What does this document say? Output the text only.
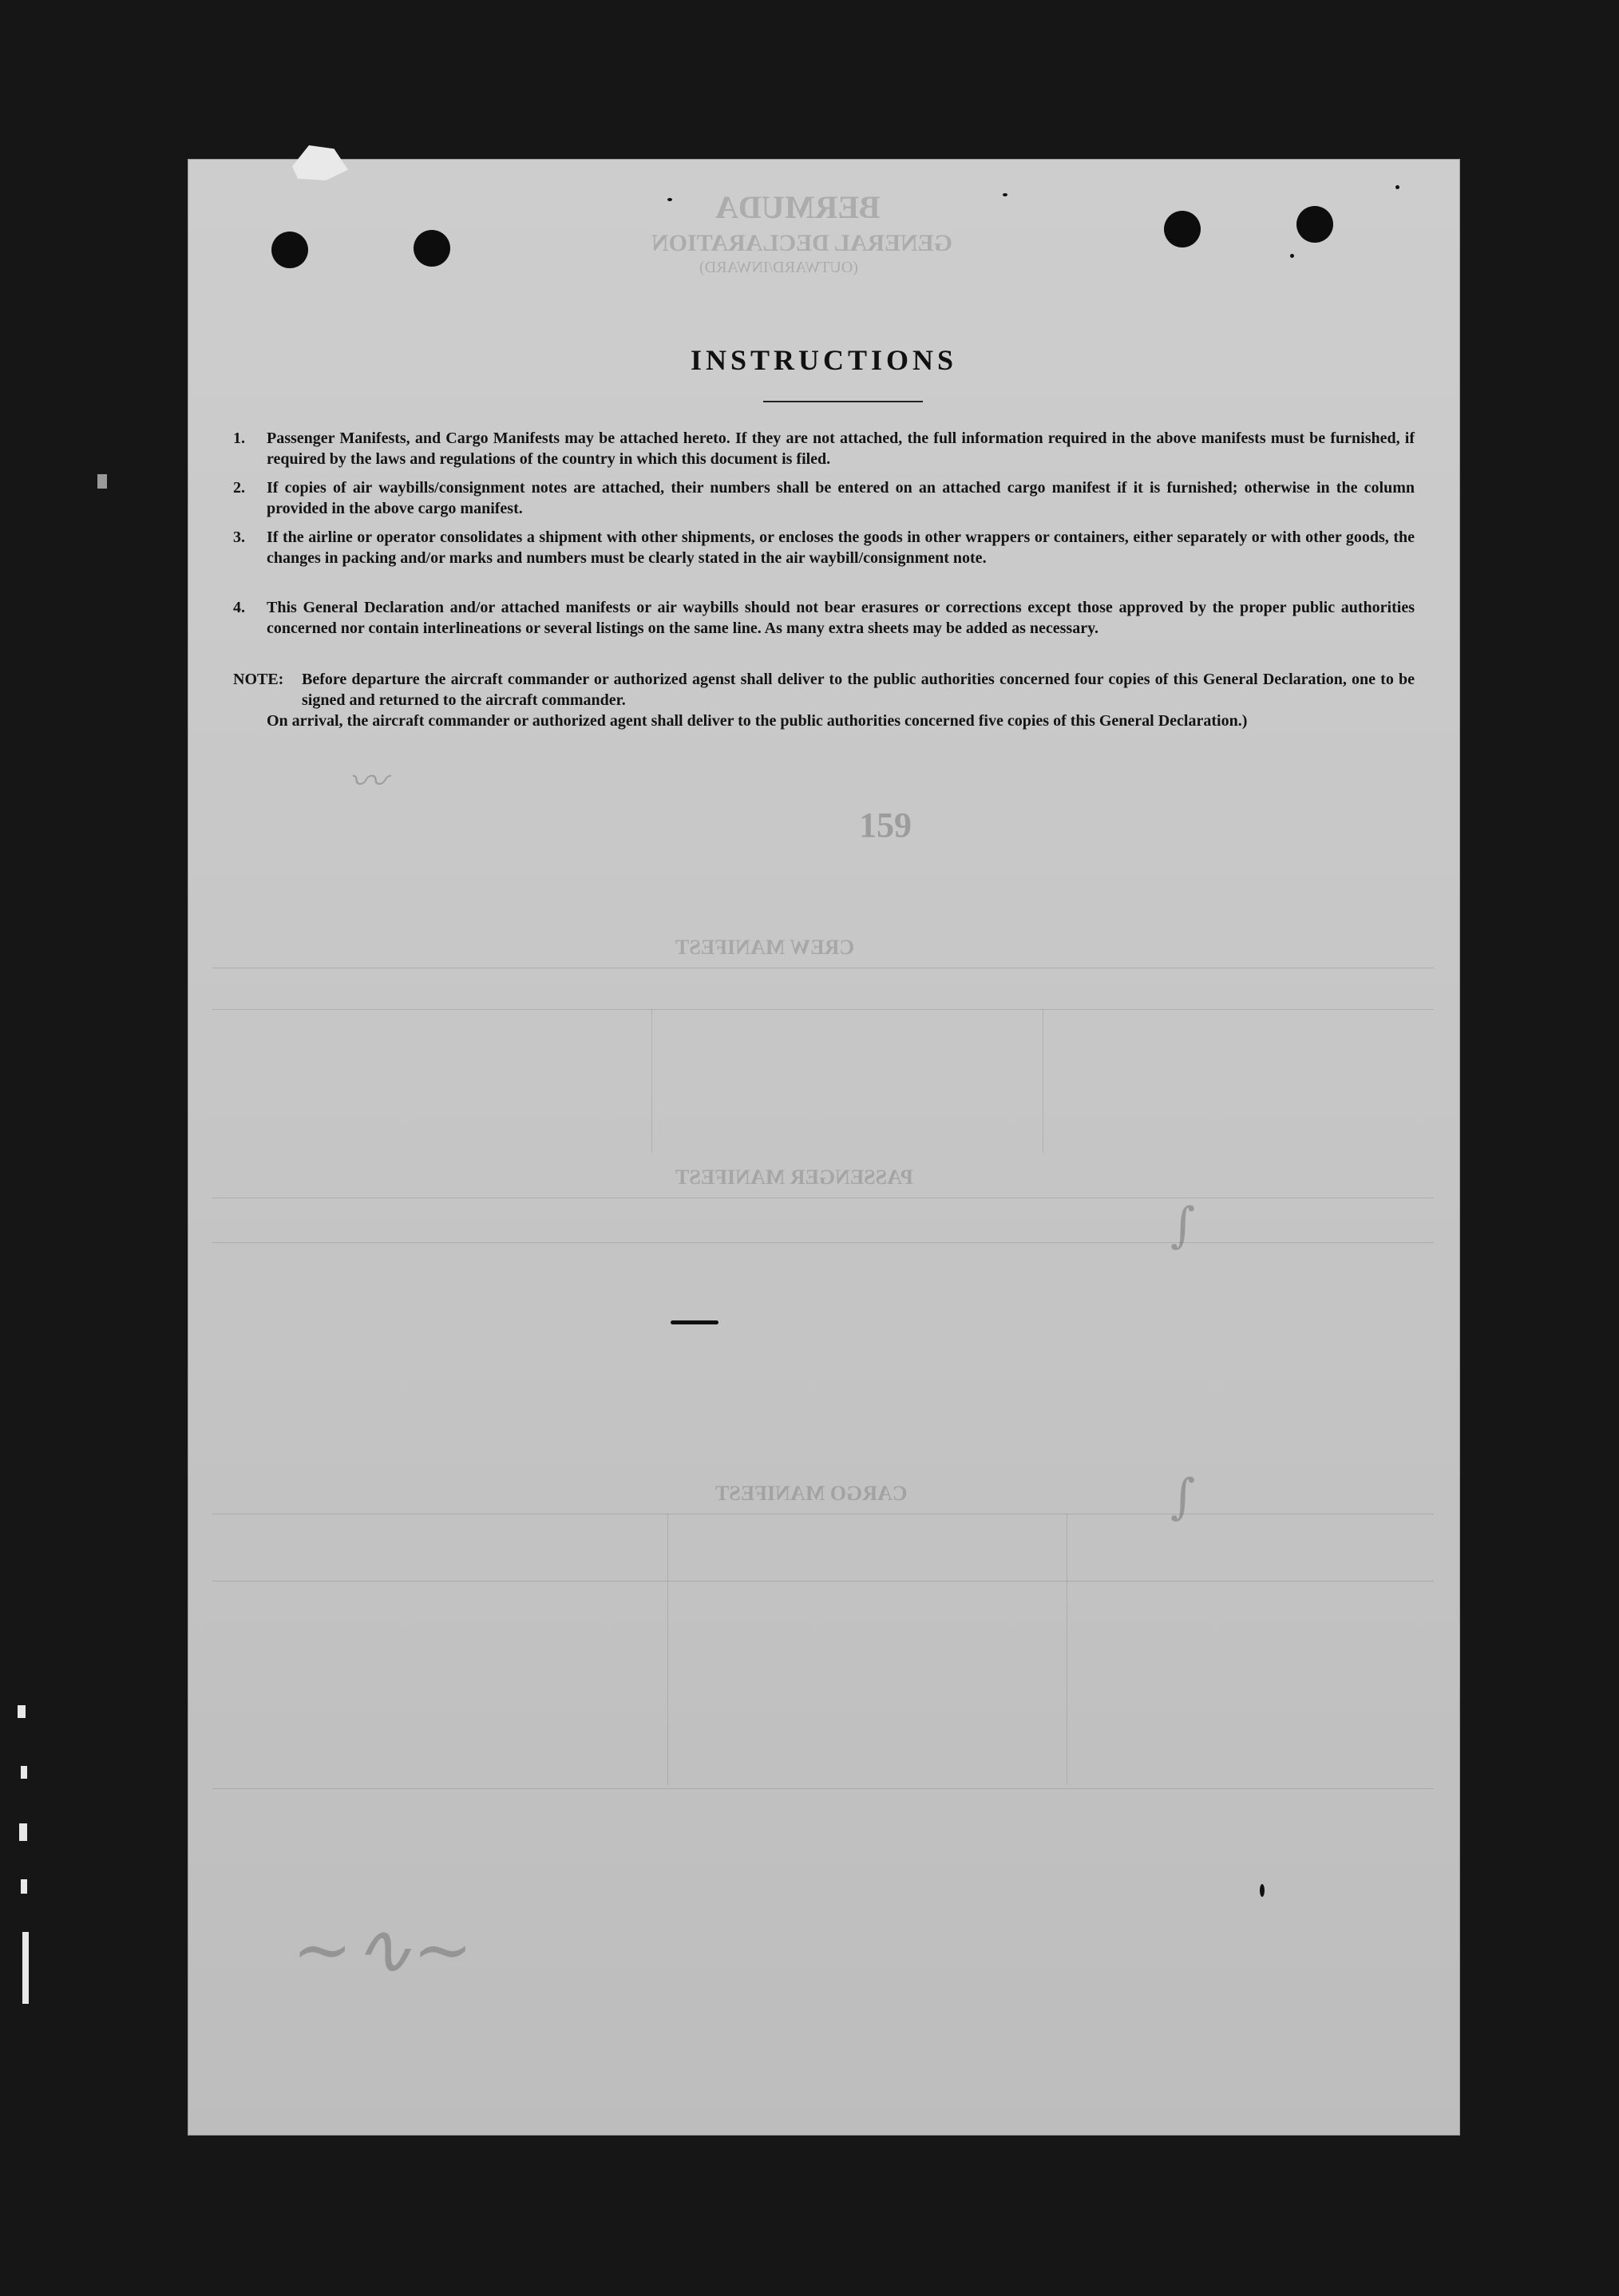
BERMUDA
GENERAL DECLARATION
(OUTWARD/INWARD)
CREW MANIFEST
PASSENGER MANIFEST
CARGO MANIFEST
INSTRUCTIONS
1.	Passenger Manifests, and Cargo Manifests may be attached hereto. If they are not attached, the full information required in the above manifests must be furnished, if required by the laws and regulations of the country in which this document is filed.
2.	If copies of air waybills/consignment notes are attached, their numbers shall be entered on an attached cargo manifest if it is furnished; otherwise in the column provided in the above cargo manifest.
3.	If the airline or operator consolidates a shipment with other shipments, or encloses the goods in other wrappers or containers, either separately or with other goods, the changes in packing and/or marks and numbers must be clearly stated in the air waybill/consignment note.
4.	This General Declaration and/or attached manifests or air waybills should not bear erasures or corrections except those approved by the proper public authorities concerned nor contain interlineations or several listings on the same line. As many extra sheets may be added as necessary.
NOTE: Before departure the aircraft commander or authorized agenst shall deliver to the public authorities concerned four copies of this General Declaration, one to be signed and returned to the aircraft commander.
On arrival, the aircraft commander or authorized agent shall deliver to the public authorities concerned five copies of this General Declaration.)
159
〰
∫
∫
∼∿∼
